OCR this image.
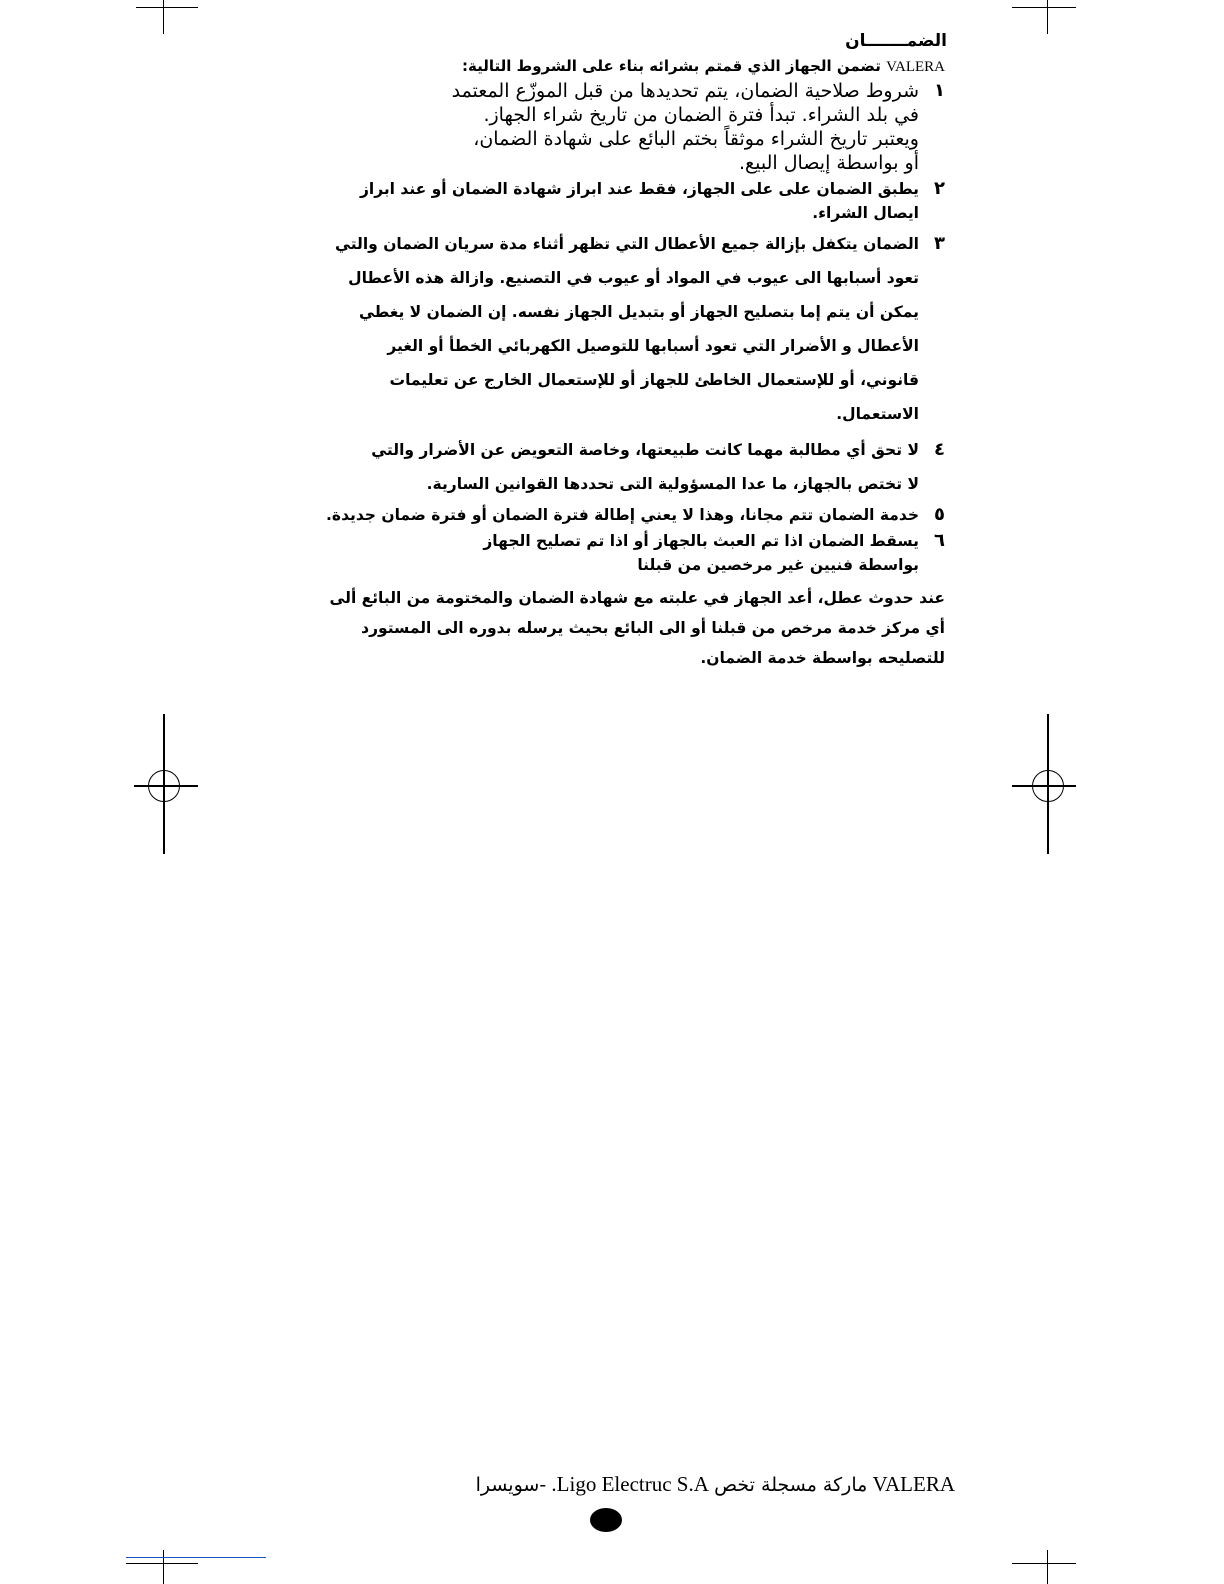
الضمـــــــان
VALERA تضمن الجهاز الذي قمتم بشرائه بناء على الشروط التالية:
١
شروط صلاحية الضمان، يتم تحديدها من قبل الموزّع المعتمد
في بلد الشراء. تبدأ فترة الضمان من تاريخ شراء الجهاز.
ويعتبر تاريخ الشراء موثقاً بختم البائع على شهادة الضمان،
أو بواسطة إيصال البيع.
٢
يطبق الضمان على على الجهاز، فقط عند ابراز شهادة الضمان أو عند ابراز
ايصال الشراء.
٣
الضمان يتكفل بإزالة جميع الأعطال التي تظهر أثناء مدة سريان الضمان والتي
تعود أسبابها الى عيوب في المواد أو عيوب في التصنيع. وازالة هذه الأعطال
يمكن أن يتم إما بتصليح الجهاز أو بتبديل الجهاز نفسه. إن الضمان لا يغطي
الأعطال و الأضرار التي تعود أسبابها للتوصيل الكهربائي الخطأ أو الغير
قانوني، أو للإستعمال الخاطئ للجهاز أو للإستعمال الخارج عن تعليمات
الاستعمال.
٤
لا تحق أي مطالبة مهما كانت طبيعتها، وخاصة التعويض عن الأضرار والتي
لا تختص بالجهاز، ما عدا المسؤولية التى تحددها القوانين السارية.
٥
خدمة الضمان تتم مجانا، وهذا لا يعني إطالة فترة الضمان أو فترة ضمان جديدة.
٦
يسقط الضمان اذا تم العبث بالجهاز أو اذا تم تصليح الجهاز
بواسطة فنيين غير مرخصين من قبلنا
عند حدوث عطل، أعد الجهاز في علبته مع شهادة الضمان والمختومة من البائع ألى
أي مركز خدمة مرخص من قبلنا أو الى البائع بحيث يرسله بدوره الى المستورد
للتصليحه بواسطة خدمة الضمان.
VALERA ماركة مسجلة تخص Ligo Electruc S.A. -سويسرا
